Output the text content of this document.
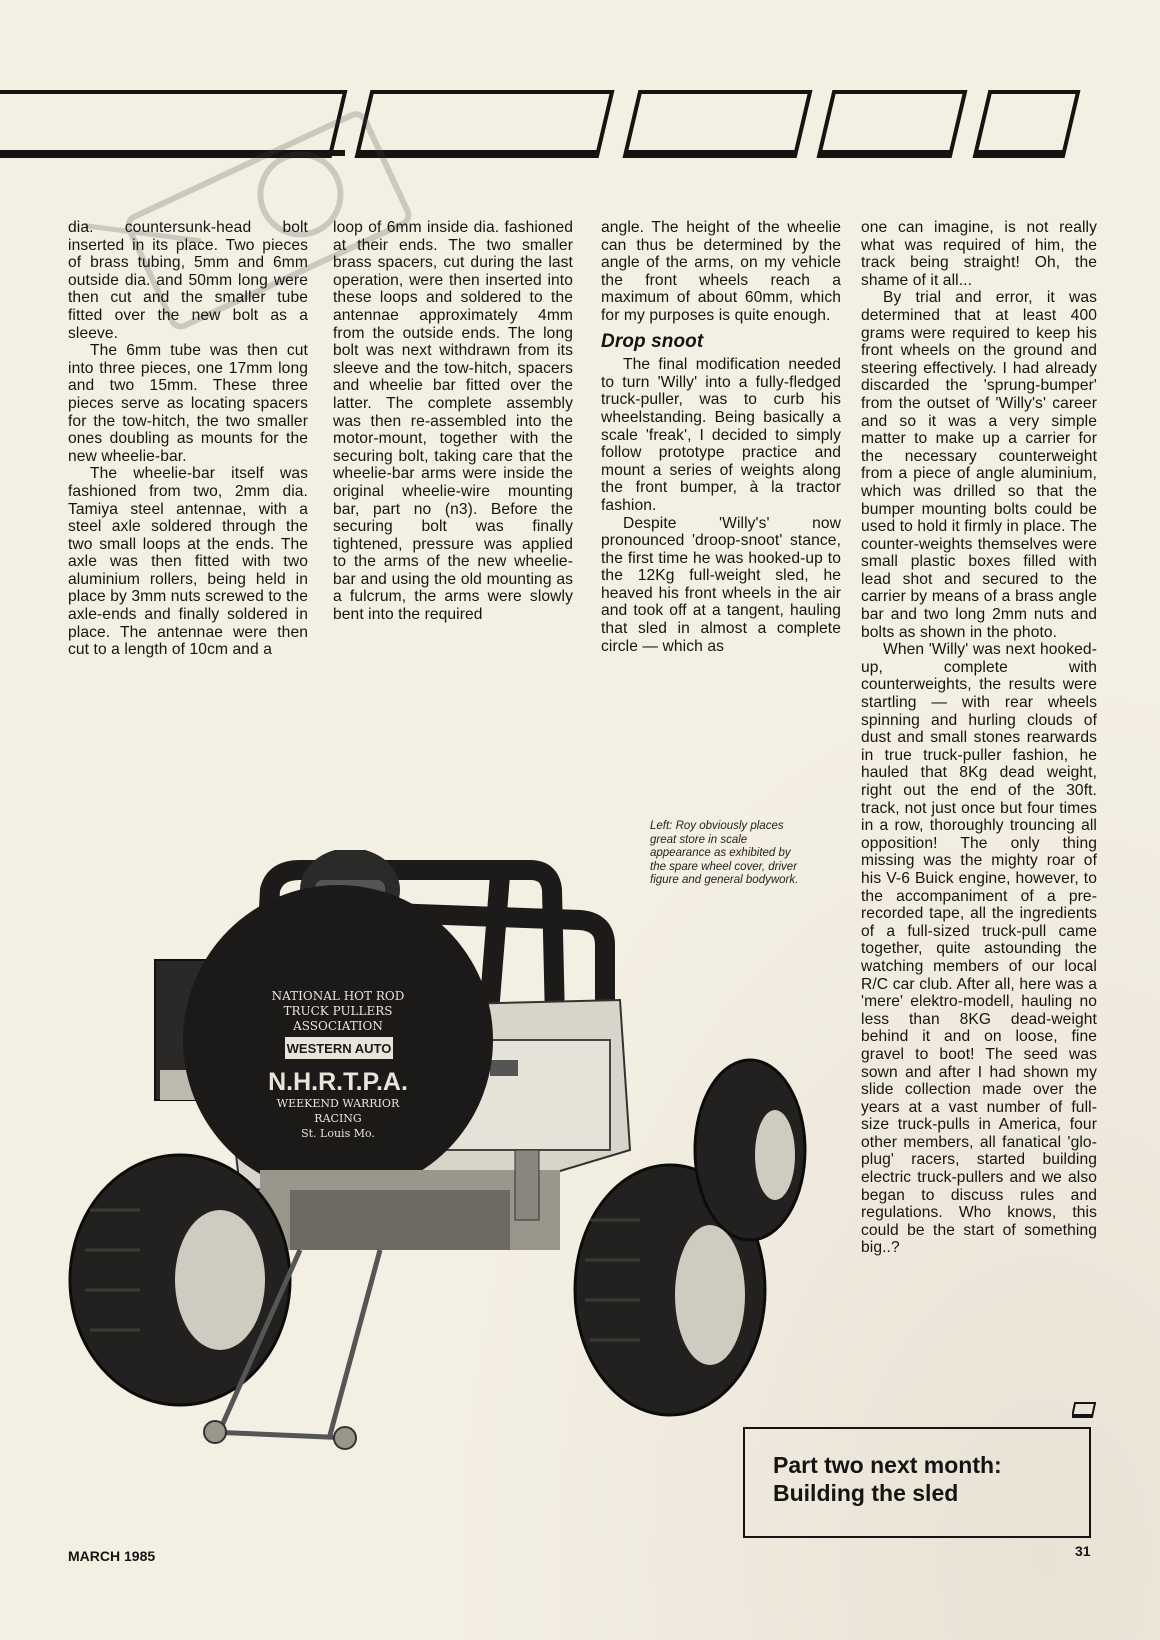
dia. countersunk-head bolt inserted in its place. Two pieces of brass tubing, 5mm and 6mm outside dia. and 50mm long were then cut and the smaller tube fitted over the new bolt as a sleeve.

The 6mm tube was then cut into three pieces, one 17mm long and two 15mm. These three pieces serve as locating spacers for the tow-hitch, the two smaller ones doubling as mounts for the new wheelie-bar.

The wheelie-bar itself was fashioned from two, 2mm dia. Tamiya steel antennae, with a steel axle soldered through the two small loops at the ends. The axle was then fitted with two aluminium rollers, being held in place by 3mm nuts screwed to the axle-ends and finally soldered in place. The antennae were then cut to a length of 10cm and a

loop of 6mm inside dia. fashioned at their ends. The two smaller brass spacers, cut during the last operation, were then inserted into these loops and soldered to the antennae approximately 4mm from the outside ends. The long bolt was next withdrawn from its sleeve and the tow-hitch, spacers and wheelie bar fitted over the latter. The complete assembly was then re-assembled into the motor-mount, together with the securing bolt, taking care that the wheelie-bar arms were inside the original wheelie-wire mounting bar, part no (n3). Before the securing bolt was finally tightened, pressure was applied to the arms of the new wheelie-bar and using the old mounting as a fulcrum, the arms were slowly bent into the required

angle. The height of the wheelie can thus be determined by the angle of the arms, on my vehicle the front wheels reach a maximum of about 60mm, which for my purposes is quite enough.

Drop snoot

The final modification needed to turn 'Willy' into a fully-fledged truck-puller, was to curb his wheelstanding. Being basically a scale 'freak', I decided to simply follow prototype practice and mount a series of weights along the front bumper, à la tractor fashion.

Despite 'Willy's' now pronounced 'droop-snoot' stance, the first time he was hooked-up to the 12Kg full-weight sled, he heaved his front wheels in the air and took off at a tangent, hauling that sled in almost a complete circle — which as

one can imagine, is not really what was required of him, the track being straight! Oh, the shame of it all...

By trial and error, it was determined that at least 400 grams were required to keep his front wheels on the ground and steering effectively. I had already discarded the 'sprung-bumper' from the outset of 'Willy's' career and so it was a very simple matter to make up a carrier for the necessary counterweight from a piece of angle aluminium, which was drilled so that the bumper mounting bolts could be used to hold it firmly in place. The counter-weights themselves were small plastic boxes filled with lead shot and secured to the carrier by means of a brass angle bar and two long 2mm nuts and bolts as shown in the photo.

When 'Willy' was next hooked-up, complete with counterweights, the results were startling — with rear wheels spinning and hurling clouds of dust and small stones rearwards in true truck-puller fashion, he hauled that 8Kg dead weight, right out the end of the 30ft. track, not just once but four times in a row, thoroughly trouncing all opposition! The only thing missing was the mighty roar of his V-6 Buick engine, however, to the accompaniment of a pre-recorded tape, all the ingredients of a full-sized truck-pull came together, quite astounding the watching members of our local R/C car club. After all, here was a 'mere' elektro-modell, hauling no less than 8KG dead-weight behind it and on loose, fine gravel to boot! The seed was sown and after I had shown my slide collection made over the years at a vast number of full-size truck-pulls in America, four other members, all fanatical 'glo-plug' racers, started building electric truck-pullers and we also began to discuss rules and regulations. Who knows, this could be the start of something big..?

Left: Roy obviously places great store in scale appearance as exhibited by the spare wheel cover, driver figure and general bodywork.
NATIONAL HOT ROD
TRUCK PULLERS
ASSOCIATION
WESTERN AUTO
N.H.R.T.P.A.
WEEKEND WARRIOR
RACING
St. Louis Mo.
Part two next month:
Building the sled
MARCH 1985	31
